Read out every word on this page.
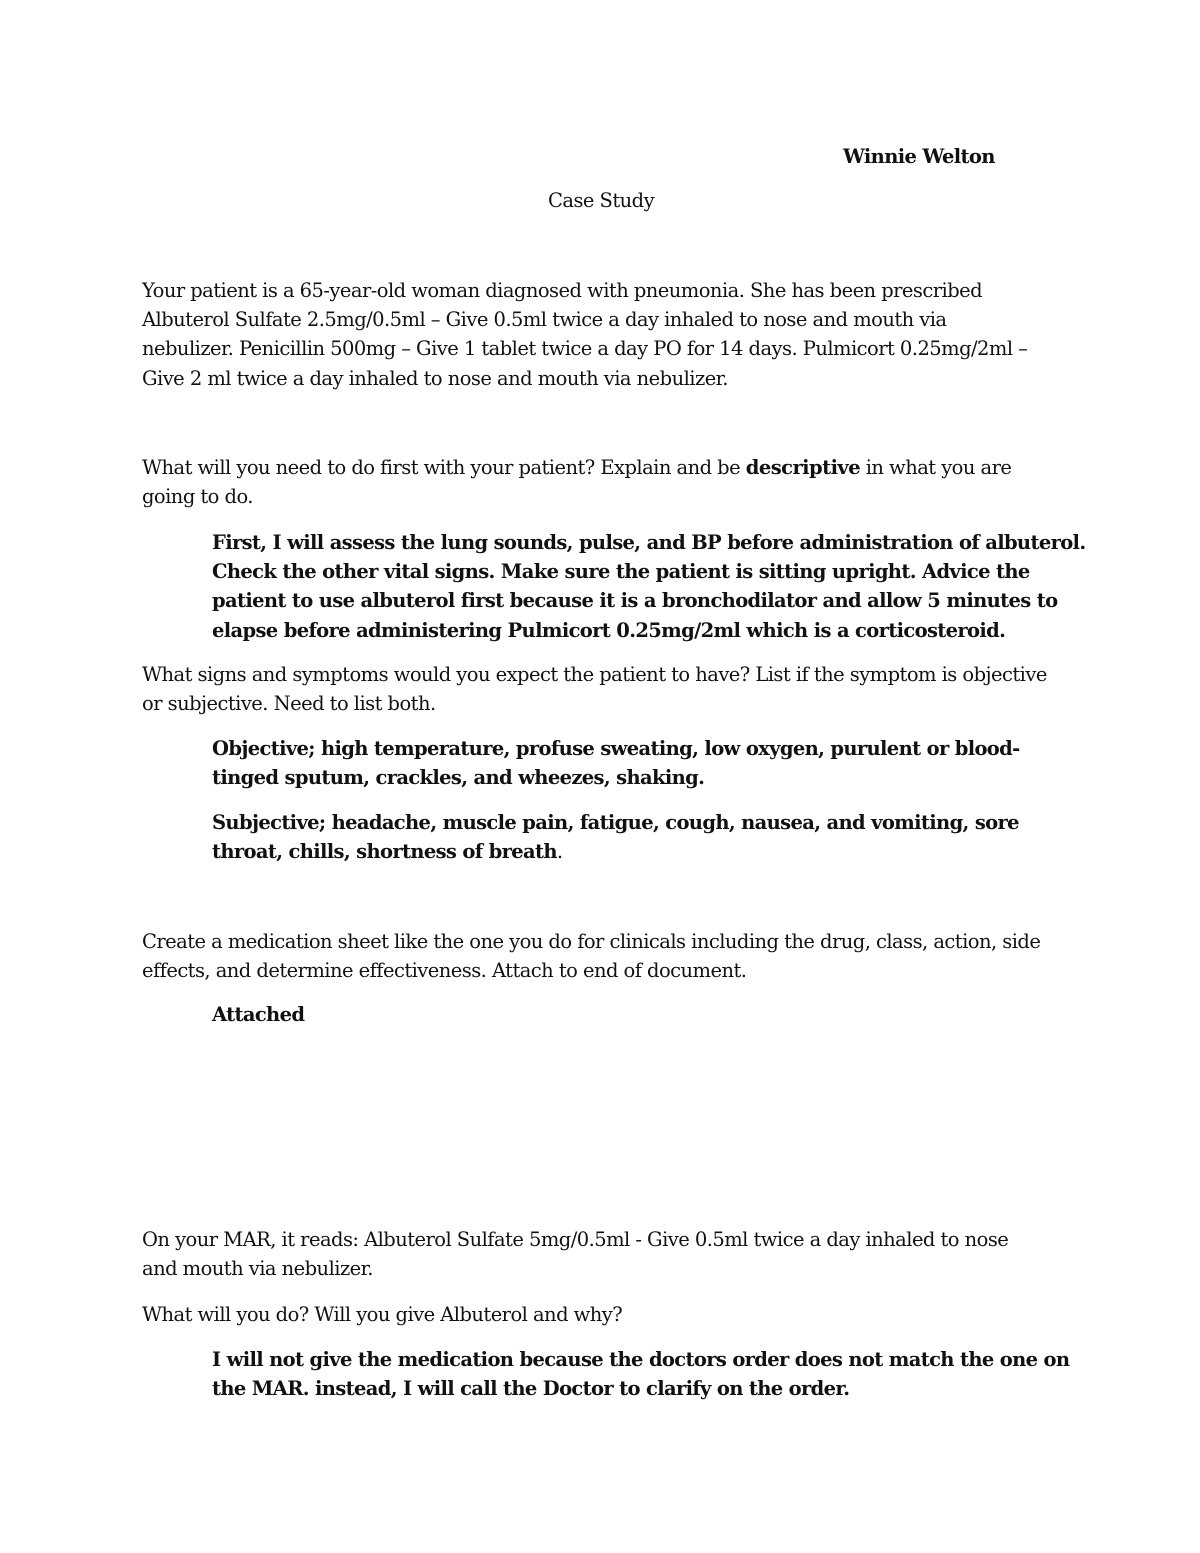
Winnie Welton
Case Study
Your patient is a 65-year-old woman diagnosed with pneumonia. She has been prescribed
Albuterol Sulfate 2.5mg/0.5ml – Give 0.5ml twice a day inhaled to nose and mouth via
nebulizer. Penicillin 500mg – Give 1 tablet twice a day PO for 14 days. Pulmicort 0.25mg/2ml –
Give 2 ml twice a day inhaled to nose and mouth via nebulizer.
What will you need to do first with your patient? Explain and be descriptive in what you are
going to do.
First, I will assess the lung sounds, pulse, and BP before administration of albuterol.
Check the other vital signs. Make sure the patient is sitting upright. Advice the
patient to use albuterol first because it is a bronchodilator and allow 5 minutes to
elapse before administering Pulmicort 0.25mg/2ml which is a corticosteroid.
What signs and symptoms would you expect the patient to have? List if the symptom is objective
or subjective. Need to list both.
Objective; high temperature, profuse sweating, low oxygen, purulent or blood-
tinged sputum, crackles, and wheezes, shaking.
Subjective; headache, muscle pain, fatigue, cough, nausea, and vomiting, sore
throat, chills, shortness of breath.
Create a medication sheet like the one you do for clinicals including the drug, class, action, side
effects, and determine effectiveness. Attach to end of document.
Attached
On your MAR, it reads: Albuterol Sulfate 5mg/0.5ml - Give 0.5ml twice a day inhaled to nose
and mouth via nebulizer.
What will you do? Will you give Albuterol and why?
I will not give the medication because the doctors order does not match the one on
the MAR. instead, I will call the Doctor to clarify on the order.
